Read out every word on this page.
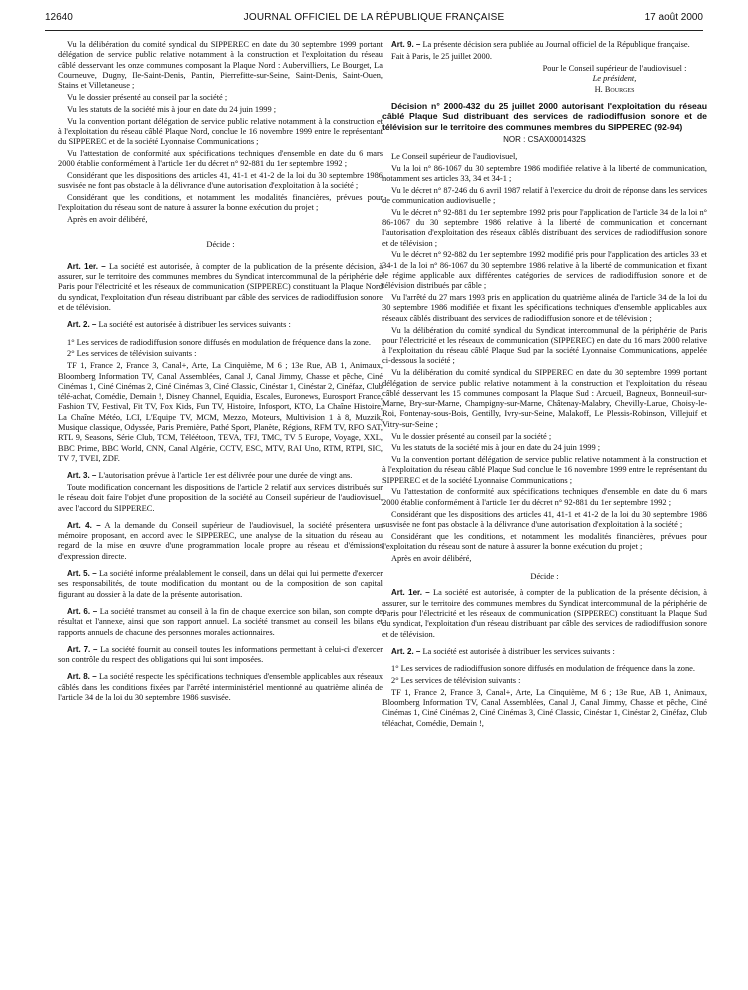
12640	JOURNAL OFFICIEL DE LA RÉPUBLIQUE FRANÇAISE	17 août 2000

Vu la délibération du comité syndical du SIPPEREC en date du 30 septembre 1999 portant délégation de service public relative notamment à la construction et l'exploitation du réseau câblé desservant les onze communes composant la Plaque Nord : Aubervilliers, Le Bourget, La Courneuve, Dugny, Ile-Saint-Denis, Pantin, Pierrefitte-sur-Seine, Saint-Denis, Saint-Ouen, Stains et Villetaneuse ;

Vu le dossier présenté au conseil par la société ;

Vu les statuts de la société mis à jour en date du 24 juin 1999 ;

Vu la convention portant délégation de service public relative notamment à la construction et à l'exploitation du réseau câblé Plaque Nord, conclue le 16 novembre 1999 entre le représentant du SIPPEREC et de la société Lyonnaise Communications ;

Vu l'attestation de conformité aux spécifications techniques d'ensemble en date du 6 mars 2000 établie conformément à l'article 1er du décret n° 92-881 du 1er septembre 1992 ;

Considérant que les dispositions des articles 41, 41-1 et 41-2 de la loi du 30 septembre 1986 susvisée ne font pas obstacle à la délivrance d'une autorisation d'exploitation à la société ;

Considérant que les conditions, et notamment les modalités financières, prévues pour l'exploitation du réseau sont de nature à assurer la bonne exécution du projet ;

Après en avoir délibéré,

Décide :

Art. 1er. – La société est autorisée, à compter de la publication de la présente décision, à assurer, sur le territoire des communes membres du Syndicat intercommunal de la périphérie de Paris pour l'électricité et les réseaux de communication (SIPPEREC) constituant la Plaque Nord du syndicat, l'exploitation d'un réseau distribuant par câble des services de radiodiffusion sonore et de télévision.

Art. 2. – La société est autorisée à distribuer les services suivants :

1° Les services de radiodiffusion sonore diffusés en modulation de fréquence dans la zone.

2° Les services de télévision suivants :

TF 1, France 2, France 3, Canal+, Arte, La Cinquième, M 6 ; 13e Rue, AB 1, Animaux, Bloomberg Information TV, Canal Assemblées, Canal J, Canal Jimmy, Chasse et pêche, Ciné Cinémas 1, Ciné Cinémas 2, Ciné Cinémas 3, Ciné Classic, Cinéstar 1, Cinéstar 2, Cinéfaz, Club télé-achat, Comédie, Demain !, Disney Channel, Equidia, Escales, Euronews, Eurosport France, Fashion TV, Festival, Fit TV, Fox Kids, Fun TV, Histoire, Infosport, KTO, La Chaîne Histoire, La Chaîne Météo, LCI, L'Equipe TV, MCM, Mezzo, Moteurs, Multivision 1 à 8, Muzzik, Musique classique, Odyssée, Paris Première, Pathé Sport, Planète, Régions, RFM TV, RFO SAT, RTL 9, Seasons, Série Club, TCM, Téléétoon, TEVA, TFJ, TMC, TV 5 Europe, Voyage, XXL, BBC Prime, BBC World, CNN, Canal Algérie, CCTV, ESC, MTV, RAI Uno, RTM, RTPI, SIC, TV 7, TVEI, ZDF.

Art. 3. – L'autorisation prévue à l'article 1er est délivrée pour une durée de vingt ans.

Toute modification concernant les dispositions de l'article 2 relatif aux services distribués sur le réseau doit faire l'objet d'une proposition de la société au Conseil supérieur de l'audiovisuel, avec l'accord du SIPPEREC.

Art. 4. – A la demande du Conseil supérieur de l'audiovisuel, la société présentera un mémoire proposant, en accord avec le SIPPEREC, une analyse de la situation du réseau au regard de la mise en œuvre d'une programmation locale propre au réseau et d'émissions d'expression directe.

Art. 5. – La société informe préalablement le conseil, dans un délai qui lui permette d'exercer ses responsabilités, de toute modification du montant ou de la composition de son capital figurant au dossier à la date de la présente autorisation.

Art. 6. – La société transmet au conseil à la fin de chaque exercice son bilan, son compte de résultat et l'annexe, ainsi que son rapport annuel. La société transmet au conseil les bilans et rapports annuels de chacune des personnes morales actionnaires.

Art. 7. – La société fournit au conseil toutes les informations permettant à celui-ci d'exercer son contrôle du respect des obligations qui lui sont imposées.

Art. 8. – La société respecte les spécifications techniques d'ensemble applicables aux réseaux câblés dans les conditions fixées par l'arrêté interministériel mentionné au quatrième alinéa de l'article 34 de la loi du 30 septembre 1986 susvisée.

Art. 9. – La présente décision sera publiée au Journal officiel de la République française.

Fait à Paris, le 25 juillet 2000.

Pour le Conseil supérieur de l'audiovisuel :

Le président,

H. Bourges

Décision n° 2000-432 du 25 juillet 2000 autorisant l'exploitation du réseau câblé Plaque Sud distribuant des services de radiodiffusion sonore et de télévision sur le territoire des communes membres du SIPPEREC (92-94)
NOR : CSAX0001432S

Le Conseil supérieur de l'audiovisuel,

Vu la loi n° 86-1067 du 30 septembre 1986 modifiée relative à la liberté de communication, notamment ses articles 33, 34 et 34-1 ;

Vu le décret n° 87-246 du 6 avril 1987 relatif à l'exercice du droit de réponse dans les services de communication audiovisuelle ;

Vu le décret n° 92-881 du 1er septembre 1992 pris pour l'application de l'article 34 de la loi n° 86-1067 du 30 septembre 1986 relative à la liberté de communication et concernant l'autorisation d'exploitation des réseaux câblés distribuant des services de radiodiffusion sonore et de télévision ;

Vu le décret n° 92-882 du 1er septembre 1992 modifié pris pour l'application des articles 33 et 34-1 de la loi n° 86-1067 du 30 septembre 1986 relative à la liberté de communication et fixant le régime applicable aux différentes catégories de services de radiodiffusion sonore et de télévision distribués par câble ;

Vu l'arrêté du 27 mars 1993 pris en application du quatrième alinéa de l'article 34 de la loi du 30 septembre 1986 modifiée et fixant les spécifications techniques d'ensemble applicables aux réseaux câblés distribuant des services de radiodiffusion sonore et de télévision ;

Vu la délibération du comité syndical du Syndicat intercommunal de la périphérie de Paris pour l'électricité et les réseaux de communication (SIPPEREC) en date du 16 mars 2000 relative à l'exploitation du réseau câblé Plaque Sud par la société Lyonnaise Communications, appelée ci-dessous la société ;

Vu la délibération du comité syndical du SIPPEREC en date du 30 septembre 1999 portant délégation de service public relative notamment à la construction et l'exploitation du réseau câblé desservant les 15 communes composant la Plaque Sud : Arcueil, Bagneux, Bonneuil-sur-Marne, Bry-sur-Marne, Champigny-sur-Marne, Châtenay-Malabry, Chevilly-Larue, Choisy-le-Roi, Fontenay-sous-Bois, Gentilly, Ivry-sur-Seine, Malakoff, Le Plessis-Robinson, Villejuif et Vitry-sur-Seine ;

Vu le dossier présenté au conseil par la société ;

Vu les statuts de la société mis à jour en date du 24 juin 1999 ;

Vu la convention portant délégation de service public relative notamment à la construction et à l'exploitation du réseau câblé Plaque Sud conclue le 16 novembre 1999 entre le représentant du SIPPEREC et de la société Lyonnaise Communications ;

Vu l'attestation de conformité aux spécifications techniques d'ensemble en date du 6 mars 2000 établie conformément à l'article 1er du décret n° 92-881 du 1er septembre 1992 ;

Considérant que les dispositions des articles 41, 41-1 et 41-2 de la loi du 30 septembre 1986 susvisée ne font pas obstacle à la délivrance d'une autorisation d'exploitation à la société ;

Considérant que les conditions, et notamment les modalités financières, prévues pour l'exploitation du réseau sont de nature à assurer la bonne exécution du projet ;

Après en avoir délibéré,

Décide :

Art. 1er. – La société est autorisée, à compter de la publication de la présente décision, à assurer, sur le territoire des communes membres du Syndicat intercommunal de la périphérie de Paris pour l'électricité et les réseaux de communication (SIPPEREC) constituant la Plaque Sud du syndicat, l'exploitation d'un réseau distribuant par câble des services de radiodiffusion sonore et de télévision.

Art. 2. – La société est autorisée à distribuer les services suivants :

1° Les services de radiodiffusion sonore diffusés en modulation de fréquence dans la zone.

2° Les services de télévision suivants :

TF 1, France 2, France 3, Canal+, Arte, La Cinquième, M 6 ; 13e Rue, AB 1, Animaux, Bloomberg Information TV, Canal Assemblées, Canal J, Canal Jimmy, Chasse et pêche, Ciné Cinémas 1, Ciné Cinémas 2, Ciné Cinémas 3, Ciné Classic, Cinéstar 1, Cinéstar 2, Cinéfaz, Club téléachat, Comédie, Demain !,
